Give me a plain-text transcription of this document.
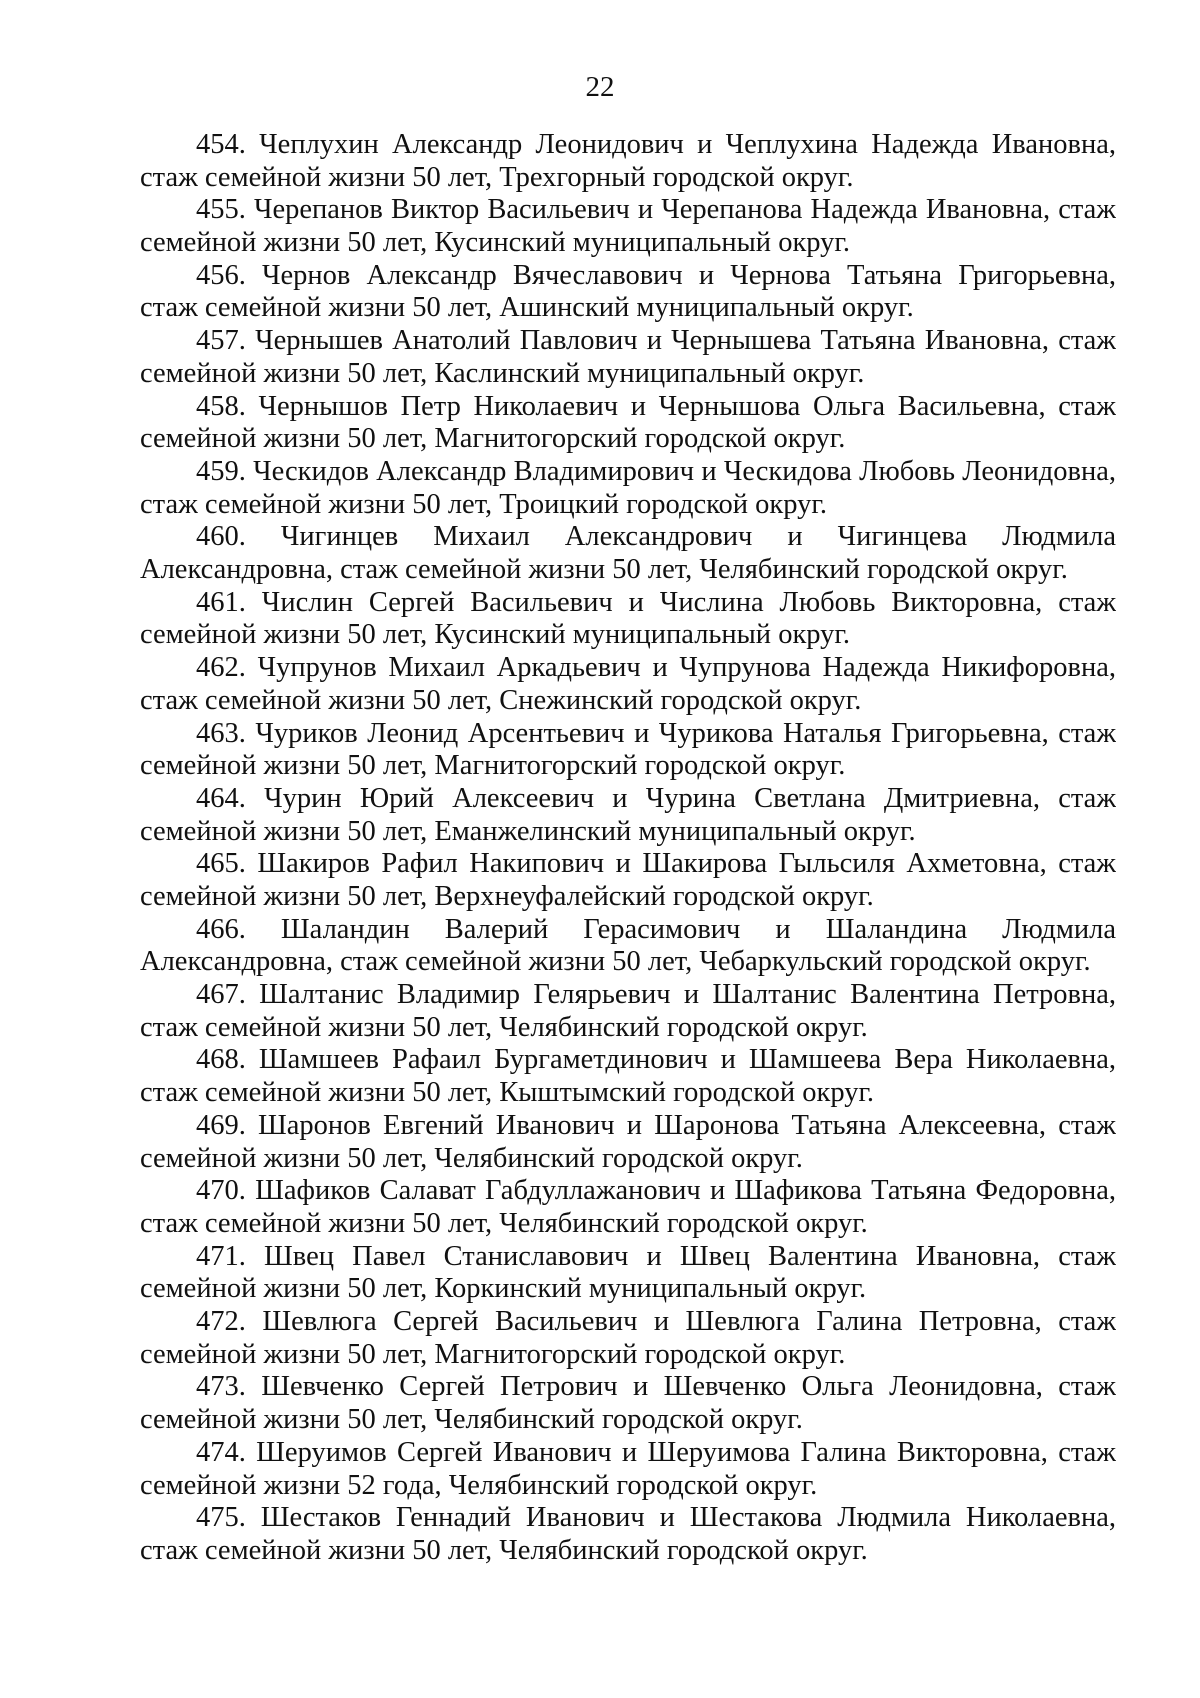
22
454. Чеплухин Александр Леонидович и Чеплухина Надежда Ивановна,
стаж семейной жизни 50 лет, Трехгорный городской округ.
455. Черепанов Виктор Васильевич и Черепанова Надежда Ивановна, стаж
семейной жизни 50 лет, Кусинский муниципальный округ.
456. Чернов Александр Вячеславович и Чернова Татьяна Григорьевна,
стаж семейной жизни 50 лет, Ашинский муниципальный округ.
457. Чернышев Анатолий Павлович и Чернышева Татьяна Ивановна, стаж
семейной жизни 50 лет, Каслинский муниципальный округ.
458. Чернышов Петр Николаевич и Чернышова Ольга Васильевна, стаж
семейной жизни 50 лет, Магнитогорский городской округ.
459. Ческидов Александр Владимирович и Ческидова Любовь Леонидовна,
стаж семейной жизни 50 лет, Троицкий городской округ.
460. Чигинцев Михаил Александрович и Чигинцева Людмила
Александровна, стаж семейной жизни 50 лет, Челябинский городской округ.
461. Числин Сергей Васильевич и Числина Любовь Викторовна, стаж
семейной жизни 50 лет, Кусинский муниципальный округ.
462. Чупрунов Михаил Аркадьевич и Чупрунова Надежда Никифоровна,
стаж семейной жизни 50 лет, Снежинский городской округ.
463. Чуриков Леонид Арсентьевич и Чурикова Наталья Григорьевна, стаж
семейной жизни 50 лет, Магнитогорский городской округ.
464. Чурин Юрий Алексеевич и Чурина Светлана Дмитриевна, стаж
семейной жизни 50 лет, Еманжелинский муниципальный округ.
465. Шакиров Рафил Накипович и Шакирова Гыльсиля Ахметовна, стаж
семейной жизни 50 лет, Верхнеуфалейский городской округ.
466. Шаландин Валерий Герасимович и Шаландина Людмила
Александровна, стаж семейной жизни 50 лет, Чебаркульский городской округ.
467. Шалтанис Владимир Гелярьевич и Шалтанис Валентина Петровна,
стаж семейной жизни 50 лет, Челябинский городской округ.
468. Шамшеев Рафаил Бургаметдинович и Шамшеева Вера Николаевна,
стаж семейной жизни 50 лет, Кыштымский городской округ.
469. Шаронов Евгений Иванович и Шаронова Татьяна Алексеевна, стаж
семейной жизни 50 лет, Челябинский городской округ.
470. Шафиков Салават Габдуллажанович и Шафикова Татьяна Федоровна,
стаж семейной жизни 50 лет, Челябинский городской округ.
471. Швец Павел Станиславович и Швец Валентина Ивановна, стаж
семейной жизни 50 лет, Коркинский муниципальный округ.
472. Шевлюга Сергей Васильевич и Шевлюга Галина Петровна, стаж
семейной жизни 50 лет, Магнитогорский городской округ.
473. Шевченко Сергей Петрович и Шевченко Ольга Леонидовна, стаж
семейной жизни 50 лет, Челябинский городской округ.
474. Шеруимов Сергей Иванович и Шеруимова Галина Викторовна, стаж
семейной жизни 52 года, Челябинский городской округ.
475. Шестаков Геннадий Иванович и Шестакова Людмила Николаевна,
стаж семейной жизни 50 лет, Челябинский городской округ.
